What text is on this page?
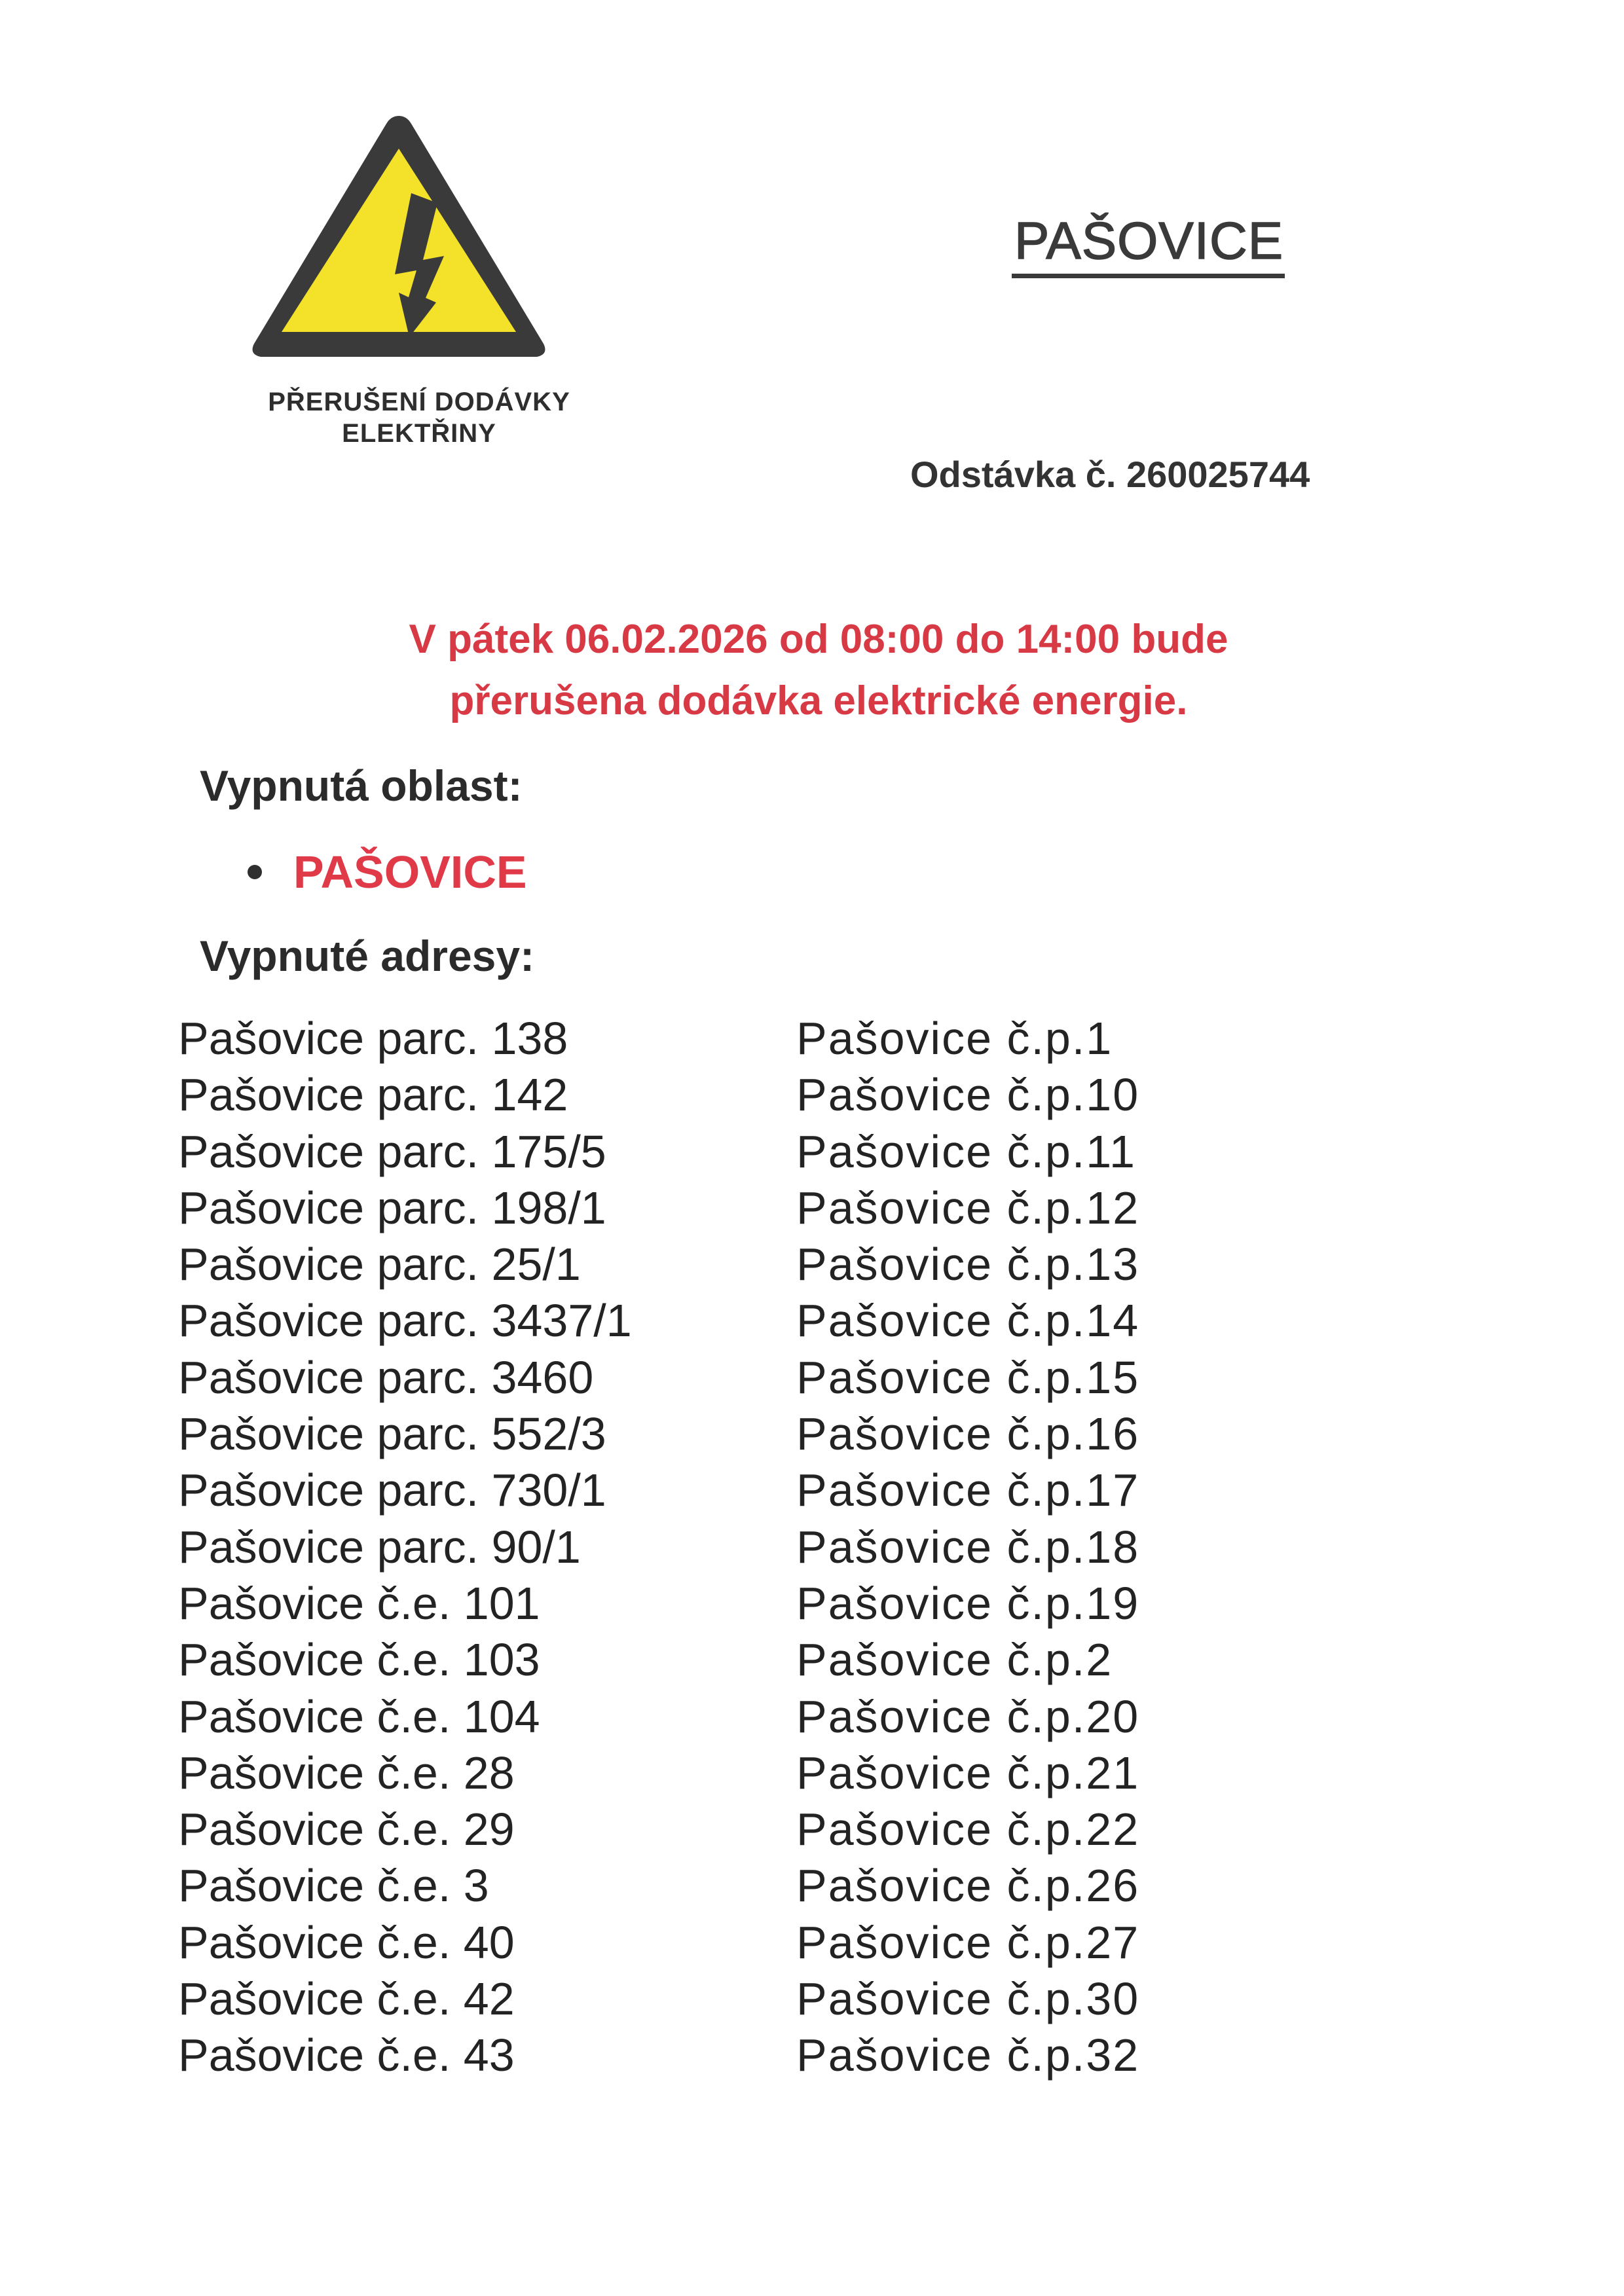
PŘERUŠENÍ DODÁVKY
ELEKTŘINY
PAŠOVICE
Odstávka č. 260025744
V pátek 06.02.2026 od 08:00 do 14:00 bude
přerušena dodávka elektrické energie.
Vypnutá oblast:
PAŠOVICE
Vypnuté adresy:
Pašovice parc. 138
Pašovice parc. 142
Pašovice parc. 175/5
Pašovice parc. 198/1
Pašovice parc. 25/1
Pašovice parc. 3437/1
Pašovice parc. 3460
Pašovice parc. 552/3
Pašovice parc. 730/1
Pašovice parc. 90/1
Pašovice č.e. 101
Pašovice č.e. 103
Pašovice č.e. 104
Pašovice č.e. 28
Pašovice č.e. 29
Pašovice č.e. 3
Pašovice č.e. 40
Pašovice č.e. 42
Pašovice č.e. 43
Pašovice č.p.1
Pašovice č.p.10
Pašovice č.p.11
Pašovice č.p.12
Pašovice č.p.13
Pašovice č.p.14
Pašovice č.p.15
Pašovice č.p.16
Pašovice č.p.17
Pašovice č.p.18
Pašovice č.p.19
Pašovice č.p.2
Pašovice č.p.20
Pašovice č.p.21
Pašovice č.p.22
Pašovice č.p.26
Pašovice č.p.27
Pašovice č.p.30
Pašovice č.p.32
